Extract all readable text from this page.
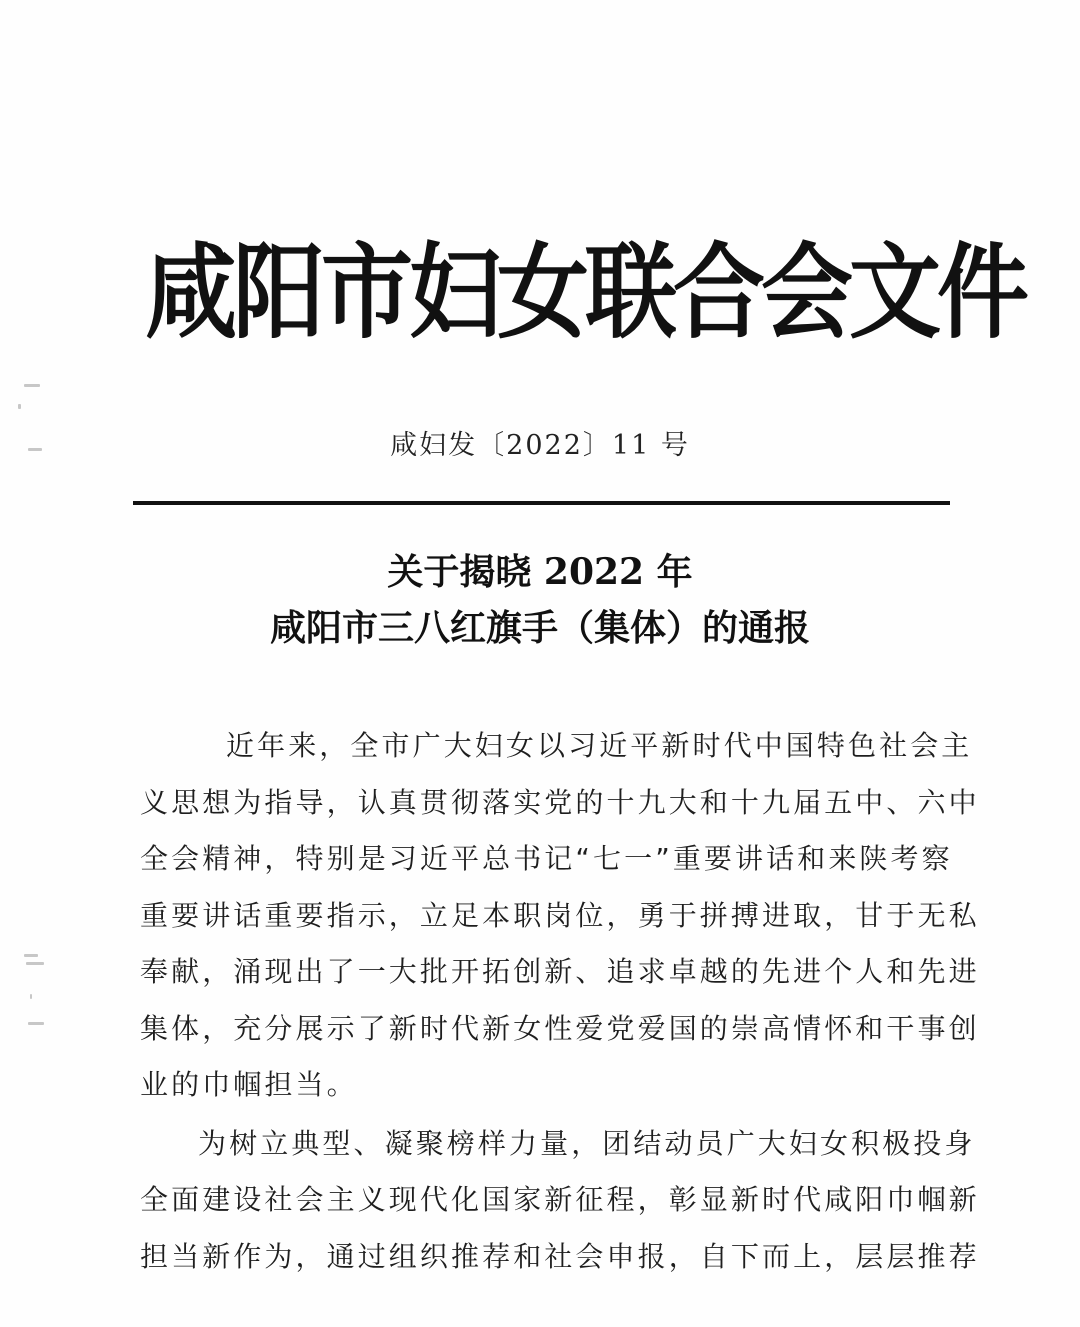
咸
阳
市
妇
女
联
合
会
文
件
咸妇发〔2022〕11 号
关于揭晓 2022 年
咸阳市三八红旗手（集体）的通报
近年来，全市广大妇女以习近平新时代中国特色社会主
义思想为指导，认真贯彻落实党的十九大和十九届五中、六中
全会精神，特别是习近平总书记“七一”重要讲话和来陕考察
重要讲话重要指示，立足本职岗位，勇于拼搏进取，甘于无私
奉献，涌现出了一大批开拓创新、追求卓越的先进个人和先进
集体，充分展示了新时代新女性爱党爱国的崇高情怀和干事创
业的巾帼担当。
为树立典型、凝聚榜样力量，团结动员广大妇女积极投身
全面建设社会主义现代化国家新征程，彰显新时代咸阳巾帼新
担当新作为，通过组织推荐和社会申报，自下而上，层层推荐
